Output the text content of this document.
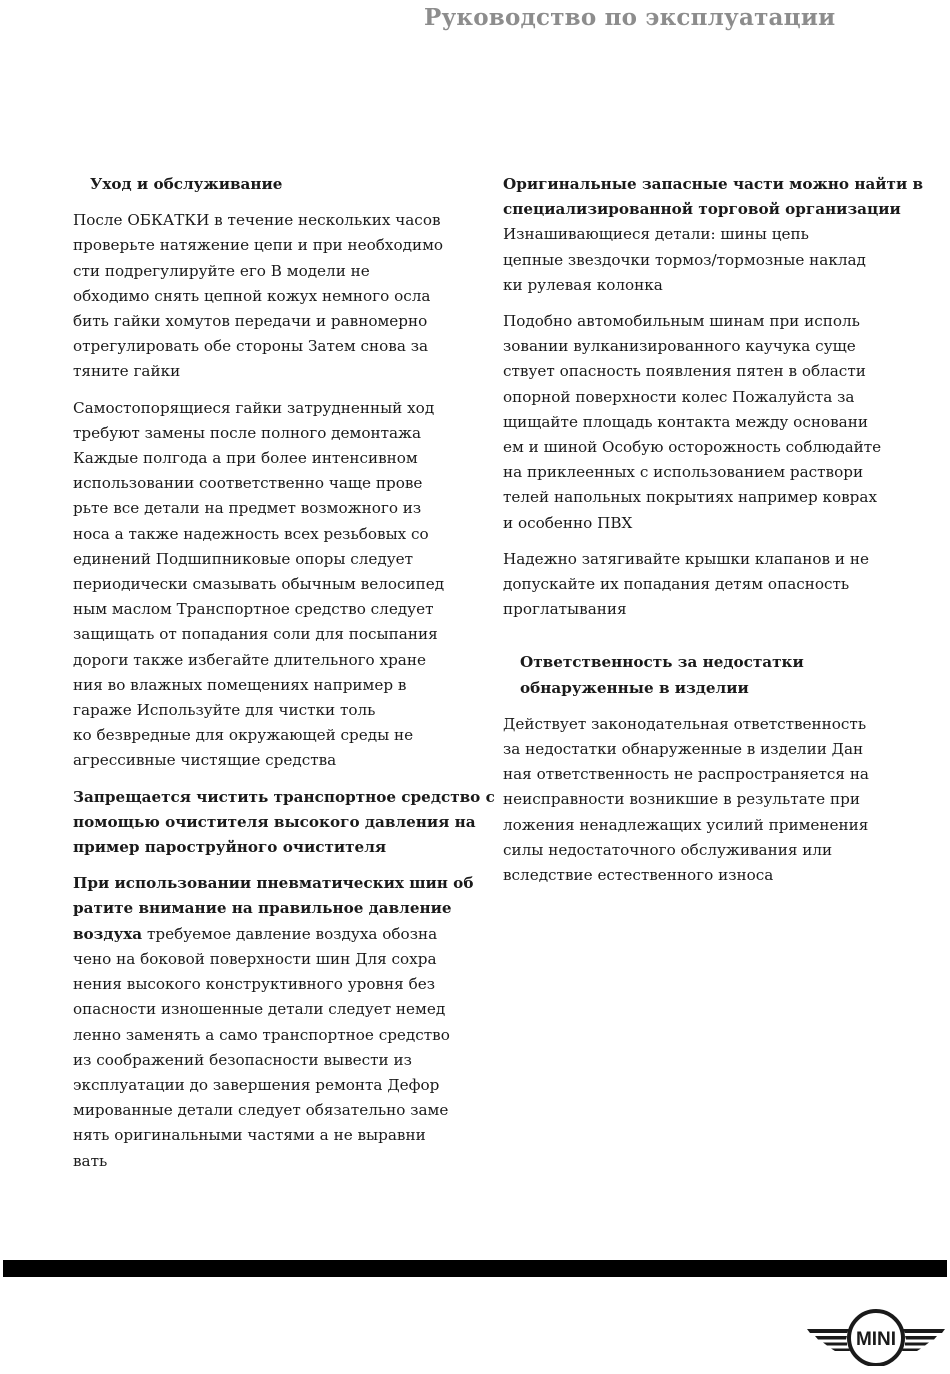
Руководство по эксплуатации
Уход и обслуживание

После ОБКАТКИ в течение нескольких часов
проверьте натяжение цепи и при необходимо
сти подрегулируйте его В модели не
обходимо снять цепной кожух немного осла
бить гайки хомутов передачи и равномерно
отрегулировать обе стороны Затем снова за
тяните гайки

Самостопорящиеся гайки затрудненный ход
требуют замены после полного демонтажа
Каждые полгода а при более интенсивном
использовании соответственно чаще прове
рьте все детали на предмет возможного из
носа а также надежность всех резьбовых со
единений Подшипниковые опоры следует
периодически смазывать обычным велосипед
ным маслом Транспортное средство следует
защищать от попадания соли для посыпания
дороги также избегайте длительного хране
ния во влажных помещениях например в
гараже Используйте для чистки толь
ко безвредные для окружающей среды не
агрессивные чистящие средства

Запрещается чистить транспортное средство с
помощью очистителя высокого давления на
пример пароструйного очистителя

При использовании пневматических шин об
ратите внимание на правильное давление
воздуха требуемое давление воздуха обозна
чено на боковой поверхности шин Для сохра
нения высокого конструктивного уровня без
опасности изношенные детали следует немед
ленно заменять а само транспортное средство
из соображений безопасности вывести из
эксплуатации до завершения ремонта Дефор
мированные детали следует обязательно заме
нять оригинальными частями а не выравни
вать

Оригинальные запасные части можно найти в
специализированной торговой организации

Изнашивающиеся детали: шины цепь
цепные звездочки тормоз/тормозные наклад
ки рулевая колонка

Подобно автомобильным шинам при исполь
зовании вулканизированного каучука суще
ствует опасность появления пятен в области
опорной поверхности колес Пожалуйста за
щищайте площадь контакта между основани
ем и шиной Особую осторожность соблюдайте
на приклеенных с использованием раствори
телей напольных покрытиях например коврах
и особенно ПВХ

Надежно затягивайте крышки клапанов и не
допускайте их попадания детям опасность
проглатывания

Ответственность за недостатки
обнаруженные в изделии

Действует законодательная ответственность
за недостатки обнаруженные в изделии Дан
ная ответственность не распространяется на
неисправности возникшие в результате при
ложения ненадлежащих усилий применения
силы недостаточного обслуживания или
вследствие естественного износа

MINI
